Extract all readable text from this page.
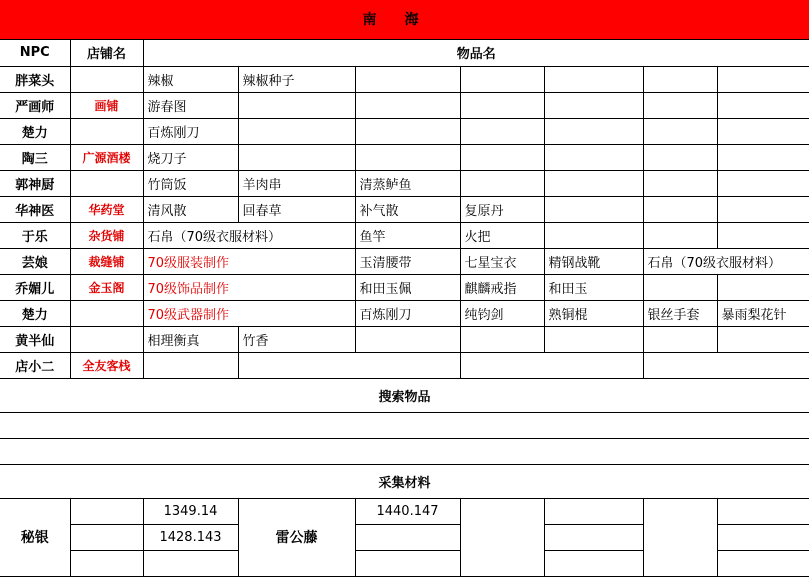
南海
NPC	店铺名	物品名						
胖菜头		辣椒	辣椒种子					
严画师	画铺	游春图						
楚力		百炼刚刀						
陶三	广源酒楼	烧刀子						
郭神厨		竹筒饭	羊肉串	清蒸鲈鱼				
华神医	华药堂	清风散	回春草	补气散	复原丹			
于乐	杂货铺	石帛（70级衣服材料）		鱼竿	火把			
芸娘	裁缝铺	70级服装制作		玉清腰带	七星宝衣	精钢战靴	石帛（70级衣服材料）	
乔媚儿	金玉阁	70级饰品制作		和田玉佩	麒麟戒指	和田玉		
楚力		70级武器制作		百炼刚刀	纯钧剑	熟铜棍	银丝手套	暴雨梨花针
黄半仙		相理衡真	竹香					
店小二	全友客栈							
搜索物品								

采集材料								
秘银		1349.14	雷公藤	1440.147				
		1428.143						
